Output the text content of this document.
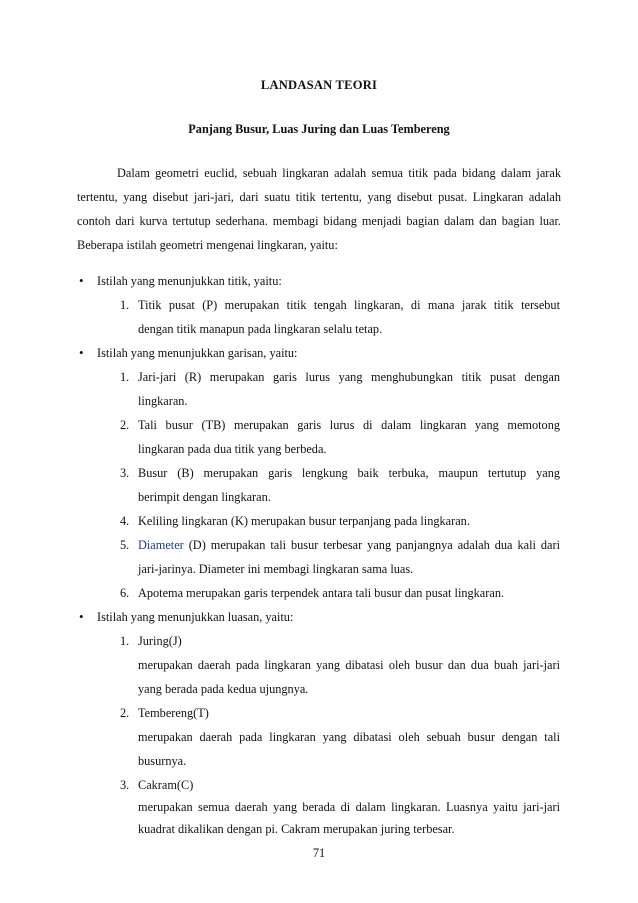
LANDASAN TEORI
Panjang Busur, Luas Juring dan Luas Tembereng
Dalam geometri euclid, sebuah lingkaran adalah semua titik pada bidang dalam jarak
tertentu, yang disebut jari-jari, dari suatu titik tertentu, yang disebut pusat. Lingkaran adalah
contoh dari kurva tertutup sederhana. membagi bidang menjadi bagian dalam dan bagian luar.
Beberapa istilah geometri mengenai lingkaran, yaitu:
• Istilah yang menunjukkan titik, yaitu:
1. Titik pusat (P) merupakan titik tengah lingkaran, di mana jarak titik tersebut
dengan titik manapun pada lingkaran selalu tetap.
• Istilah yang menunjukkan garisan, yaitu:
1. Jari-jari (R) merupakan garis lurus yang menghubungkan titik pusat dengan
lingkaran.
2. Tali busur (TB) merupakan garis lurus di dalam lingkaran yang memotong
lingkaran pada dua titik yang berbeda.
3. Busur (B) merupakan garis lengkung baik terbuka, maupun tertutup yang
berimpit dengan lingkaran.
4. Keliling lingkaran (K) merupakan busur terpanjang pada lingkaran.
5. Diameter (D) merupakan tali busur terbesar yang panjangnya adalah dua kali dari
jari-jarinya. Diameter ini membagi lingkaran sama luas.
6. Apotema merupakan garis terpendek antara tali busur dan pusat lingkaran.
• Istilah yang menunjukkan luasan, yaitu:
1. Juring(J)
merupakan daerah pada lingkaran yang dibatasi oleh busur dan dua buah jari-jari
yang berada pada kedua ujungnya.
2. Tembereng(T)
merupakan daerah pada lingkaran yang dibatasi oleh sebuah busur dengan tali
busurnya.
3. Cakram(C)
merupakan semua daerah yang berada di dalam lingkaran. Luasnya yaitu jari-jari
71
kuadrat dikalikan dengan pi. Cakram merupakan juring terbesar.
